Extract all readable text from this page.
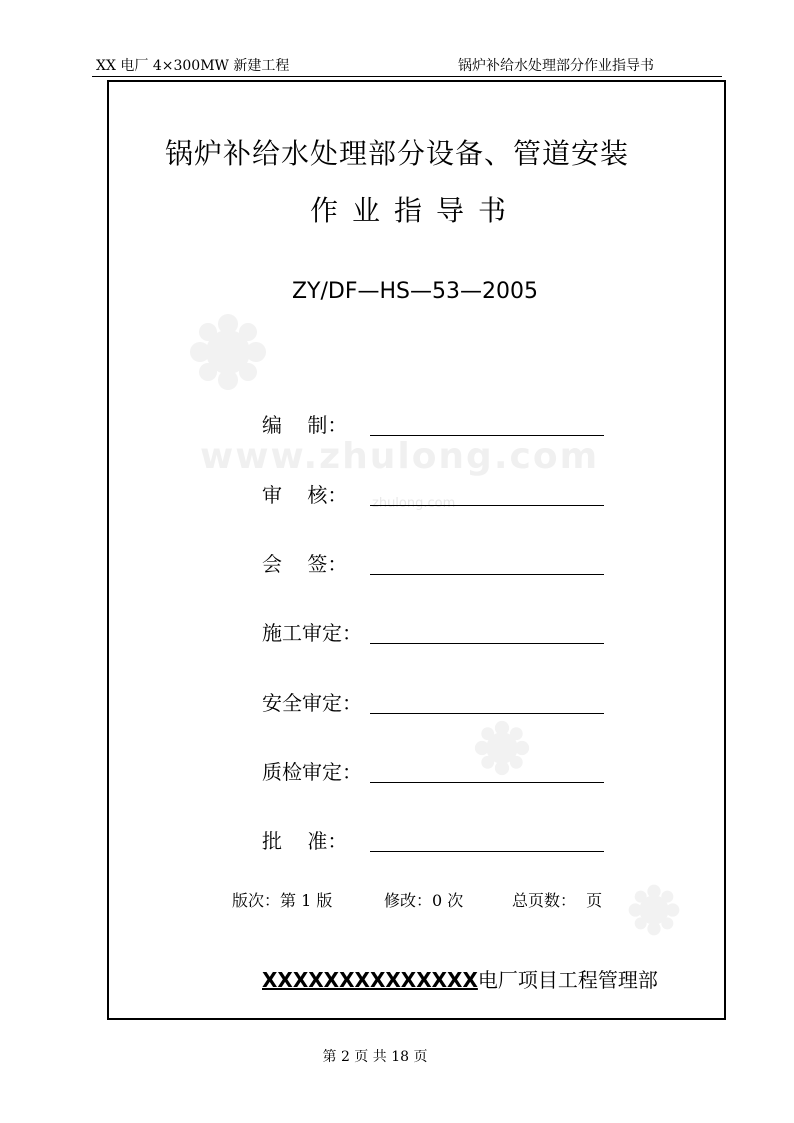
XX 电厂 4×300MW 新建工程	锅炉补给水处理部分作业指导书
www.zhulong.com
zhulong.com
锅炉补给水处理部分设备、管道安装
作业指导书
ZY/DF—HS—53—2005
编    制：
审    核：
会    签：
施工审定：
安全审定：
质检审定：
批    准：
版次：第 1 版	修改：0 次	总页数：  页
XXXXXXXXXXXXXX电厂项目工程管理部
第 2 页 共 18 页
